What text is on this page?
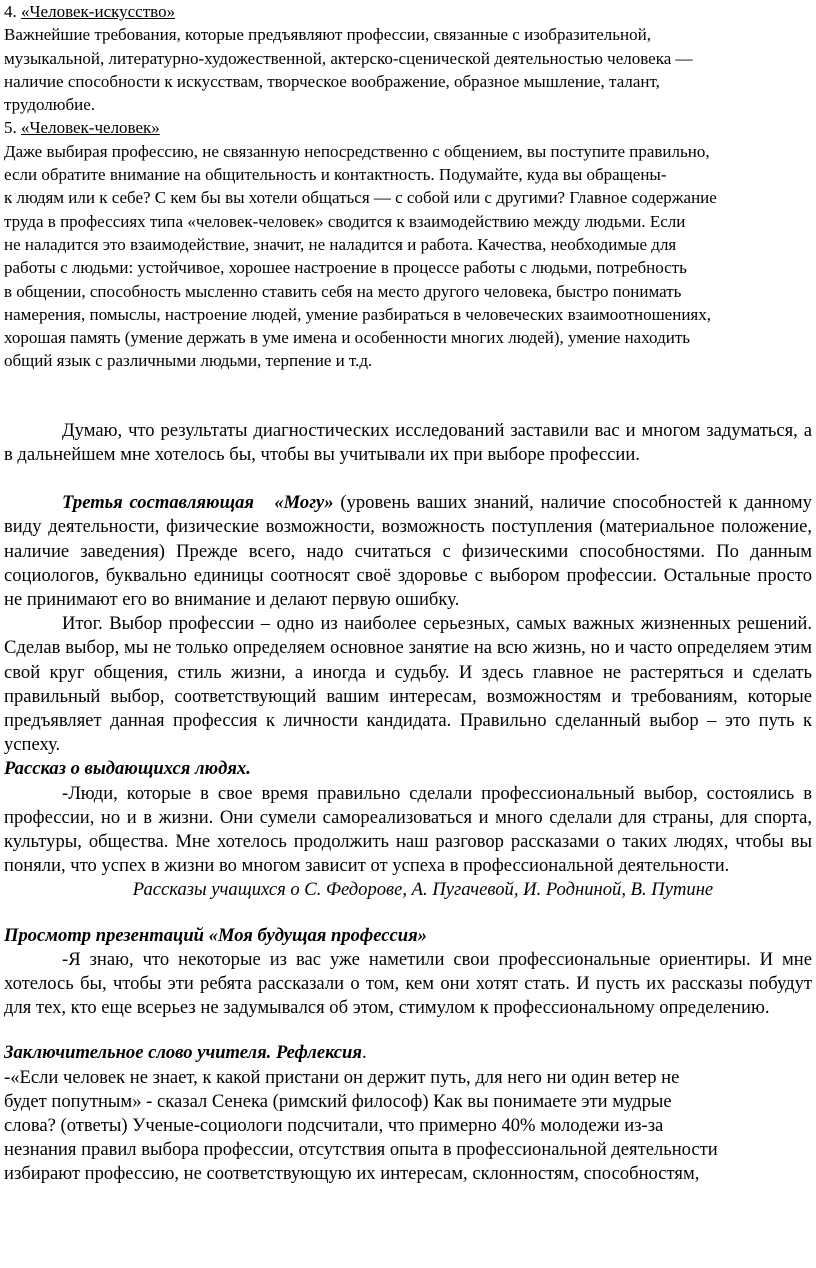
4. «Человек-искусство»

Важнейшие требования, которые предъявляют профессии, связанные с изобразительной,

музыкальной, литературно-художественной, актерско-сценической деятельностью человека —

наличие способности к искусствам, творческое воображение, образное мышление, талант,

трудолюбие.

5. «Человек-человек»

Даже выбирая профессию, не связанную непосредственно с общением, вы поступите правильно,

если обратите внимание на общительность и контактность. Подумайте, куда вы обращены-

к людям или к себе? С кем бы вы хотели общаться — с собой или с другими? Главное содержание

труда в профессиях типа «человек-человек» сводится к взаимодействию между людьми. Если

не наладится это взаимодействие, значит, не наладится и работа. Качества, необходимые для

работы с людьми: устойчивое, хорошее настроение в процессе работы с людьми, потребность

в общении, способность мысленно ставить себя на место другого человека, быстро понимать

намерения, помыслы, настроение людей, умение разбираться в человеческих взаимоотношениях,

хорошая память (умение держать в уме имена и особенности многих людей), умение находить

общий язык с различными людьми, терпение и т.д.

Думаю, что результаты диагностических исследований заставили вас и многом задуматься, а в дальнейшем мне хотелось бы, чтобы вы учитывали их при выборе профессии.

Третья составляющая «Могу» (уровень ваших знаний, наличие способностей к данному виду деятельности, физические возможности, возможность поступления (материальное положение, наличие заведения) Прежде всего, надо считаться с физическими способностями. По данным социологов, буквально единицы соотносят своё здоровье с выбором профессии. Остальные просто не принимают его во внимание и делают первую ошибку.

Итог. Выбор профессии – одно из наиболее серьезных, самых важных жизненных решений. Сделав выбор, мы не только определяем основное занятие на всю жизнь, но и часто определяем этим свой круг общения, стиль жизни, а иногда и судьбу. И здесь главное не растеряться и сделать правильный выбор, соответствующий вашим интересам, возможностям и требованиям, которые предъявляет данная профессия к личности кандидата. Правильно сделанный выбор – это путь к успеху.

Рассказ о выдающихся людях.

-Люди, которые в свое время правильно сделали профессиональный выбор, состоялись в профессии, но и в жизни. Они сумели самореализоваться и много сделали для страны, для спорта, культуры, общества. Мне хотелось продолжить наш разговор рассказами о таких людях, чтобы вы поняли, что успех в жизни во многом зависит от успеха в профессиональной деятельности.

Рассказы учащихся о С. Федорове, А. Пугачевой, И. Родниной, В. Путине

Просмотр презентаций «Моя будущая профессия»

-Я знаю, что некоторые из вас уже наметили свои профессиональные ориентиры. И мне хотелось бы, чтобы эти ребята рассказали о том, кем они хотят стать. И пусть их рассказы побудут для тех, кто еще всерьез не задумывался об этом, стимулом к профессиональному определению.

Заключительное слово учителя. Рефлексия.

-«Если человек не знает, к какой пристани он держит путь, для него ни один ветер не

будет попутным» - сказал Сенека (римский философ) Как вы понимаете эти мудрые

слова? (ответы) Ученые-социологи подсчитали, что примерно 40% молодежи из-за

незнания правил выбора профессии, отсутствия опыта в профессиональной деятельности

избирают профессию, не соответствующую их интересам, склонностям, способностям,
